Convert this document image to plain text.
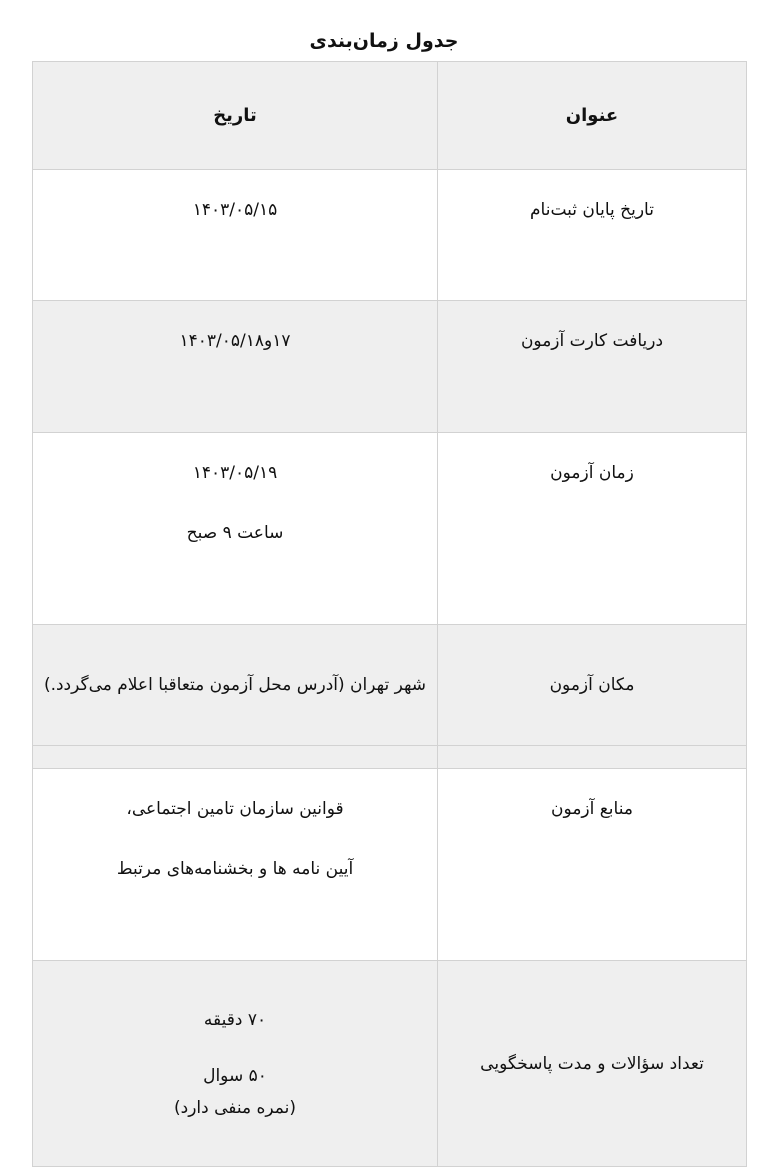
جدول زمان‌بندی
عنوان	تاریخ
تاریخ پایان ثبت‌نام	۱۴۰۳/۰۵/۱۵

دریافت کارت آزمون	۱۷و۱۴۰۳/۰۵/۱۸

زمان آزمون	۱۴۰۳/۰۵/۱۹
ساعت ۹ صبح

مکان آزمون	شهر تهران (آدرس محل آزمون متعاقبا اعلام می‌گردد.)

منابع آزمون	قوانین سازمان تامین اجتماعی،
آیین نامه ها و بخشنامه‌های مرتبط

تعداد سؤالات و مدت پاسخگویی	۷۰ دقیقه
۵۰ سوال
(نمره منفی دارد)
